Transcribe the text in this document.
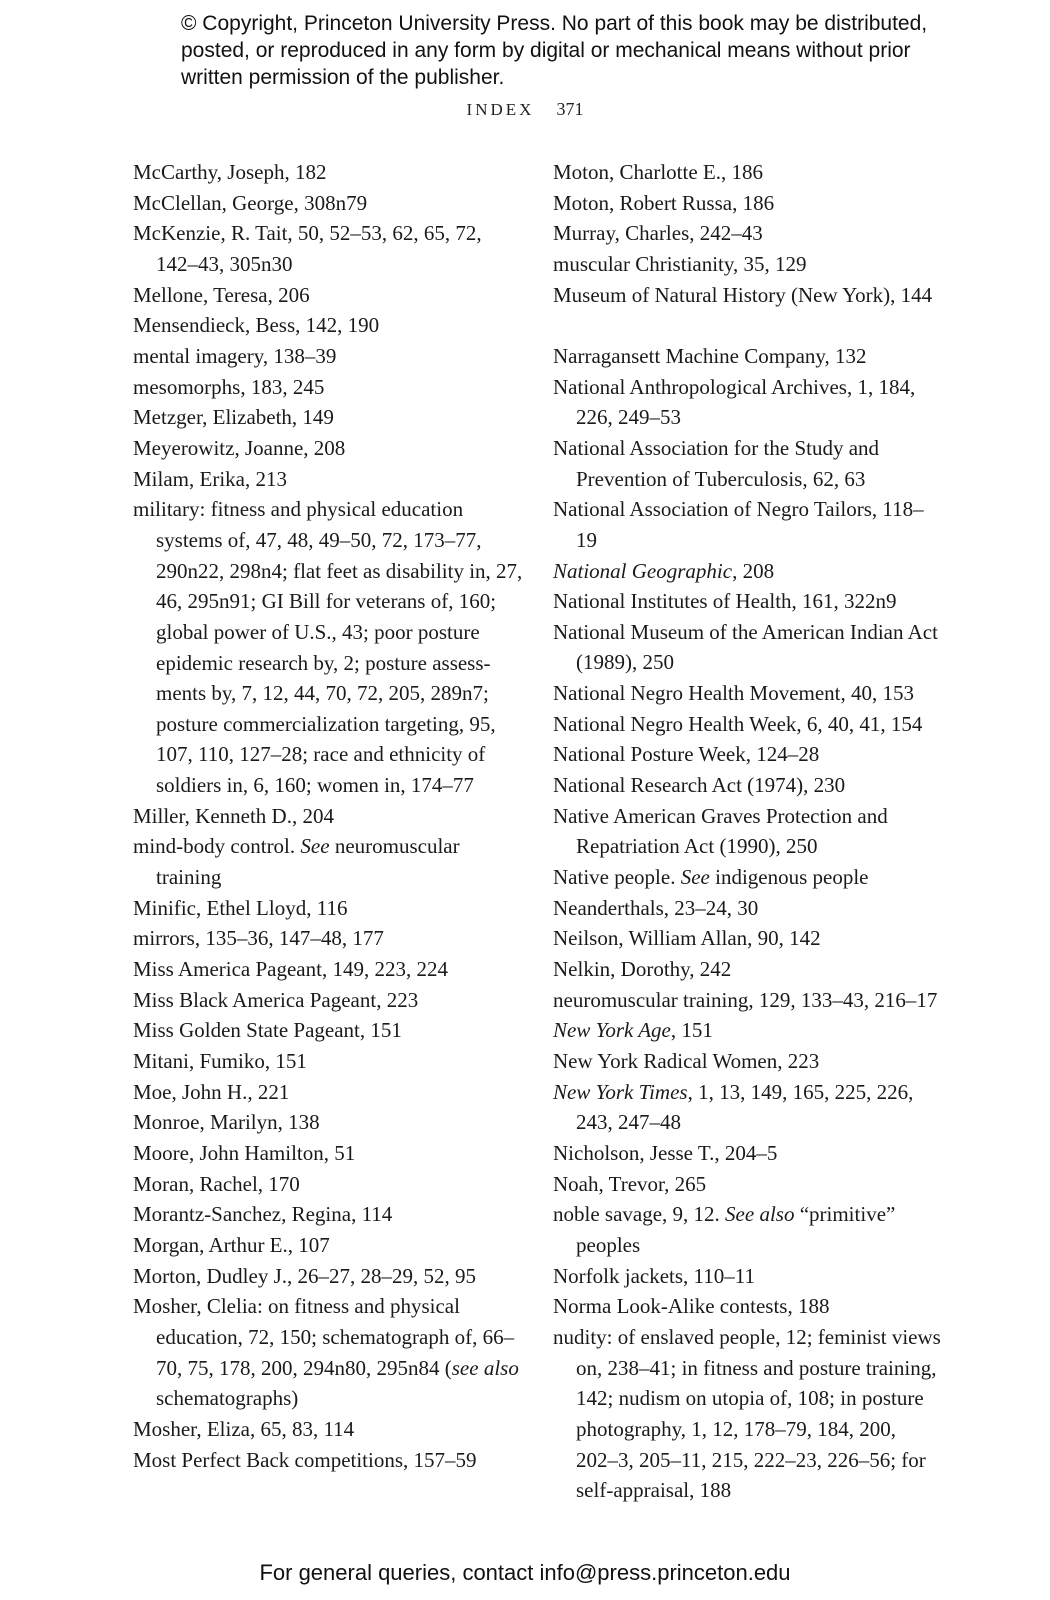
© Copyright, Princeton University Press. No part of this book may be distributed, posted, or reproduced in any form by digital or mechanical means without prior written permission of the publisher.
INDEX 371

McCarthy, Joseph, 182

McClellan, George, 308n79

McKenzie, R. Tait, 50, 52–53, 62, 65, 72, 142–43, 305n30

Mellone, Teresa, 206

Mensendieck, Bess, 142, 190

mental imagery, 138–39

mesomorphs, 183, 245

Metzger, Elizabeth, 149

Meyerowitz, Joanne, 208

Milam, Erika, 213

military: fitness and physical education systems of, 47, 48, 49–50, 72, 173–77, 290n22, 298n4; flat feet as disability in, 27, 46, 295n91; GI Bill for veterans of, 160; global power of U.S., 43; poor posture epidemic research by, 2; posture assessments by, 7, 12, 44, 70, 72, 205, 289n7; posture commercialization targeting, 95, 107, 110, 127–28; race and ethnicity of soldiers in, 6, 160; women in, 174–77

Miller, Kenneth D., 204

mind-body control. See neuromuscular training

Minific, Ethel Lloyd, 116

mirrors, 135–36, 147–48, 177

Miss America Pageant, 149, 223, 224

Miss Black America Pageant, 223

Miss Golden State Pageant, 151

Mitani, Fumiko, 151

Moe, John H., 221

Monroe, Marilyn, 138

Moore, John Hamilton, 51

Moran, Rachel, 170

Morantz-Sanchez, Regina, 114

Morgan, Arthur E., 107

Morton, Dudley J., 26–27, 28–29, 52, 95

Mosher, Clelia: on fitness and physical education, 72, 150; schematograph of, 66–70, 75, 178, 200, 294n80, 295n84 (see also schematographs)

Mosher, Eliza, 65, 83, 114

Most Perfect Back competitions, 157–59

Moton, Charlotte E., 186

Moton, Robert Russa, 186

Murray, Charles, 242–43

muscular Christianity, 35, 129

Museum of Natural History (New York), 144

Narragansett Machine Company, 132

National Anthropological Archives, 1, 184, 226, 249–53

National Association for the Study and Prevention of Tuberculosis, 62, 63

National Association of Negro Tailors, 118–19

National Geographic, 208

National Institutes of Health, 161, 322n9

National Museum of the American Indian Act (1989), 250

National Negro Health Movement, 40, 153

National Negro Health Week, 6, 40, 41, 154

National Posture Week, 124–28

National Research Act (1974), 230

Native American Graves Protection and Repatriation Act (1990), 250

Native people. See indigenous people

Neanderthals, 23–24, 30

Neilson, William Allan, 90, 142

Nelkin, Dorothy, 242

neuromuscular training, 129, 133–43, 216–17

New York Age, 151

New York Radical Women, 223

New York Times, 1, 13, 149, 165, 225, 226, 243, 247–48

Nicholson, Jesse T., 204–5

Noah, Trevor, 265

noble savage, 9, 12. See also “primitive” peoples

Norfolk jackets, 110–11

Norma Look-Alike contests, 188

nudity: of enslaved people, 12; feminist views on, 238–41; in fitness and posture training, 142; nudism on utopia of, 108; in posture photography, 1, 12, 178–79, 184, 200, 202–3, 205–11, 215, 222–23, 226–56; for self-appraisal, 188

For general queries, contact info@press.princeton.edu
